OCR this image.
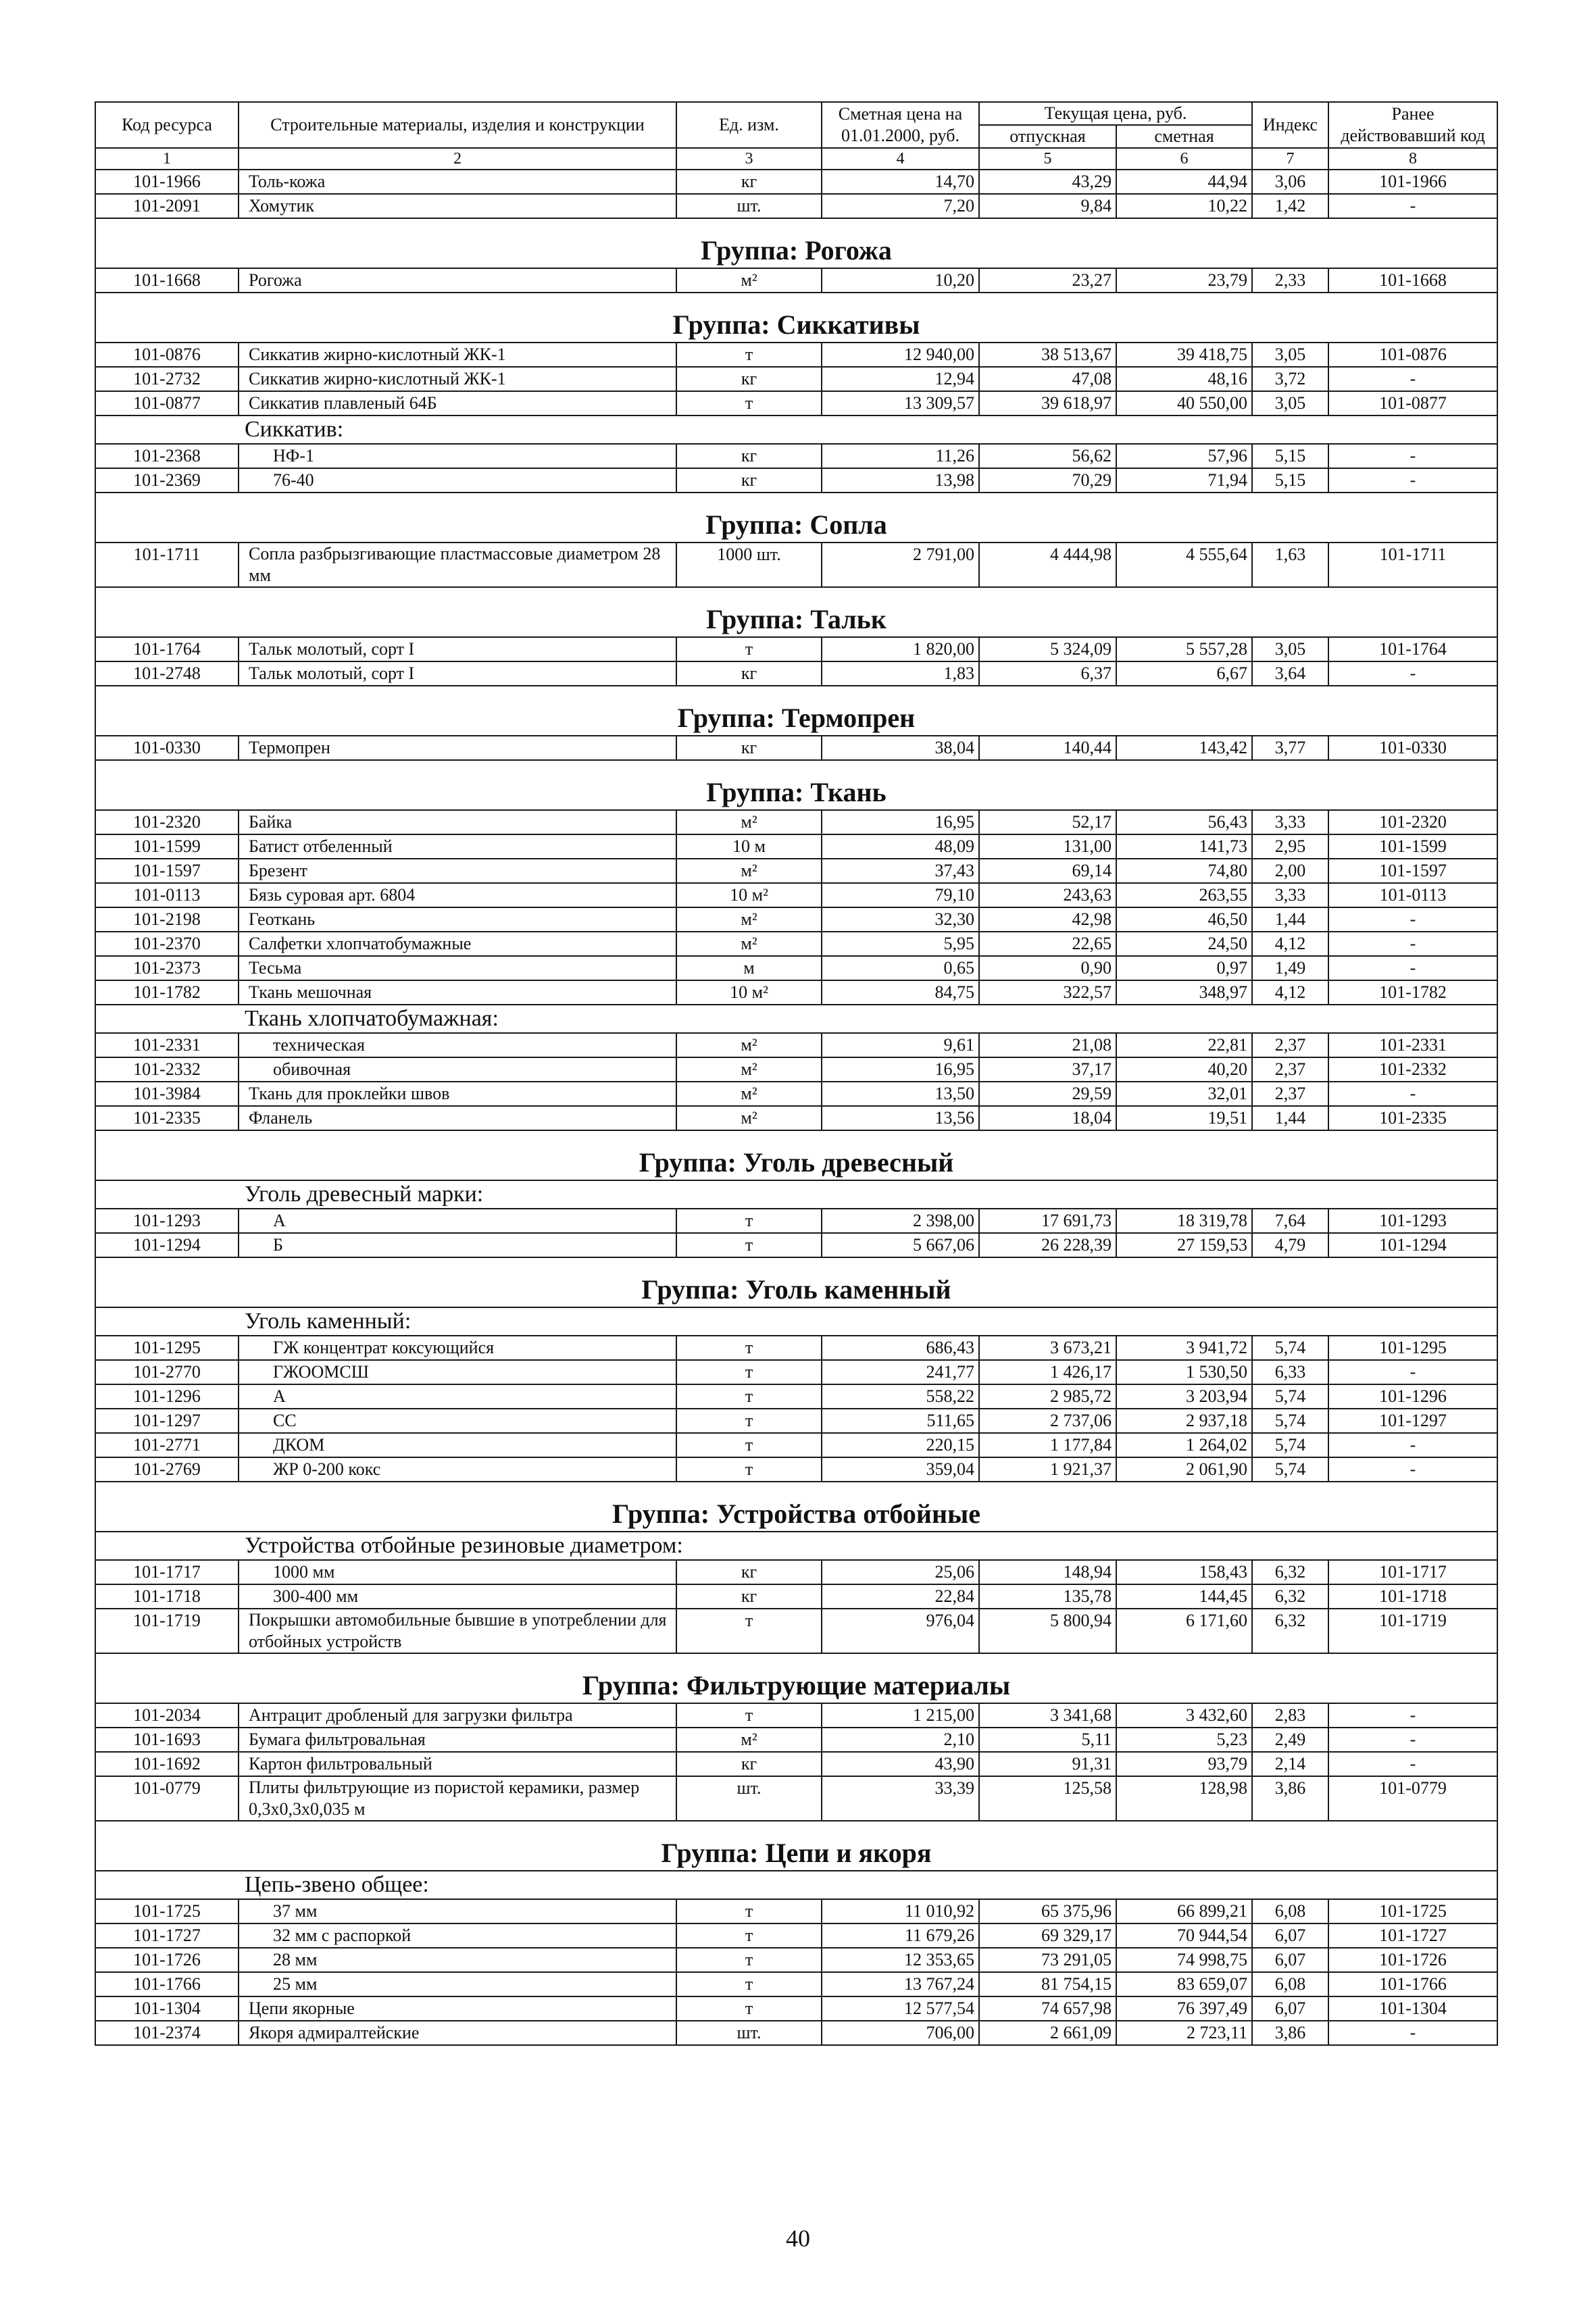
Код ресурса	Строительные материалы, изделия и конструкции	Ед. изм.	Сметная цена на 01.01.2000, руб.	Текущая цена, руб.		Индекс	Ранее действовавший код
				отпускная	сметная		
1	2	3	4	5	6	7	8
101-1966	Толь-кожа	кг	14,70	43,29	44,94	3,06	101-1966
101-2091	Хомутик	шт.	7,20	9,84	10,22	1,42	-
Группа: Рогожа							
101-1668	Рогожа	м²	10,20	23,27	23,79	2,33	101-1668
Группа: Сиккативы							
101-0876	Сиккатив жирно-кислотный ЖК-1	т	12 940,00	38 513,67	39 418,75	3,05	101-0876
101-2732	Сиккатив жирно-кислотный ЖК-1	кг	12,94	47,08	48,16	3,72	-
101-0877	Сиккатив плавленый 64Б	т	13 309,57	39 618,97	40 550,00	3,05	101-0877
Сиккатив:							
101-2368	НФ-1	кг	11,26	56,62	57,96	5,15	-
101-2369	76-40	кг	13,98	70,29	71,94	5,15	-
Группа: Сопла							
101-1711	Сопла разбрызгивающие пластмассовые диаметром 28 мм	1000 шт.	2 791,00	4 444,98	4 555,64	1,63	101-1711
Группа: Тальк							
101-1764	Тальк молотый, сорт I	т	1 820,00	5 324,09	5 557,28	3,05	101-1764
101-2748	Тальк молотый, сорт I	кг	1,83	6,37	6,67	3,64	-
Группа: Термопрен							
101-0330	Термопрен	кг	38,04	140,44	143,42	3,77	101-0330
Группа: Ткань							
101-2320	Байка	м²	16,95	52,17	56,43	3,33	101-2320
101-1599	Батист отбеленный	10 м	48,09	131,00	141,73	2,95	101-1599
101-1597	Брезент	м²	37,43	69,14	74,80	2,00	101-1597
101-0113	Бязь суровая арт. 6804	10 м²	79,10	243,63	263,55	3,33	101-0113
101-2198	Геоткань	м²	32,30	42,98	46,50	1,44	-
101-2370	Салфетки хлопчатобумажные	м²	5,95	22,65	24,50	4,12	-
101-2373	Тесьма	м	0,65	0,90	0,97	1,49	-
101-1782	Ткань мешочная	10 м²	84,75	322,57	348,97	4,12	101-1782
Ткань хлопчатобумажная:							
101-2331	техническая	м²	9,61	21,08	22,81	2,37	101-2331
101-2332	обивочная	м²	16,95	37,17	40,20	2,37	101-2332
101-3984	Ткань для проклейки швов	м²	13,50	29,59	32,01	2,37	-
101-2335	Фланель	м²	13,56	18,04	19,51	1,44	101-2335
Группа: Уголь древесный							
Уголь древесный марки:							
101-1293	А	т	2 398,00	17 691,73	18 319,78	7,64	101-1293
101-1294	Б	т	5 667,06	26 228,39	27 159,53	4,79	101-1294
Группа: Уголь каменный							
Уголь каменный:							
101-1295	ГЖ концентрат коксующийся	т	686,43	3 673,21	3 941,72	5,74	101-1295
101-2770	ГЖООМСШ	т	241,77	1 426,17	1 530,50	6,33	-
101-1296	А	т	558,22	2 985,72	3 203,94	5,74	101-1296
101-1297	СС	т	511,65	2 737,06	2 937,18	5,74	101-1297
101-2771	ДКОМ	т	220,15	1 177,84	1 264,02	5,74	-
101-2769	ЖР 0-200 кокс	т	359,04	1 921,37	2 061,90	5,74	-
Группа: Устройства отбойные							
Устройства отбойные резиновые диаметром:							
101-1717	1000 мм	кг	25,06	148,94	158,43	6,32	101-1717
101-1718	300-400 мм	кг	22,84	135,78	144,45	6,32	101-1718
101-1719	Покрышки автомобильные бывшие в употреблении для отбойных устройств	т	976,04	5 800,94	6 171,60	6,32	101-1719
Группа: Фильтрующие материалы							
101-2034	Антрацит дробленый для загрузки фильтра	т	1 215,00	3 341,68	3 432,60	2,83	-
101-1693	Бумага фильтровальная	м²	2,10	5,11	5,23	2,49	-
101-1692	Картон фильтровальный	кг	43,90	91,31	93,79	2,14	-
101-0779	Плиты фильтрующие из пористой керамики, размер 0,3х0,3х0,035 м	шт.	33,39	125,58	128,98	3,86	101-0779
Группа: Цепи и якоря							
Цепь-звено общее:							
101-1725	37 мм	т	11 010,92	65 375,96	66 899,21	6,08	101-1725
101-1727	32 мм с распоркой	т	11 679,26	69 329,17	70 944,54	6,07	101-1727
101-1726	28 мм	т	12 353,65	73 291,05	74 998,75	6,07	101-1726
101-1766	25 мм	т	13 767,24	81 754,15	83 659,07	6,08	101-1766
101-1304	Цепи якорные	т	12 577,54	74 657,98	76 397,49	6,07	101-1304
101-2374	Якоря адмиралтейские	шт.	706,00	2 661,09	2 723,11	3,86	-
40
